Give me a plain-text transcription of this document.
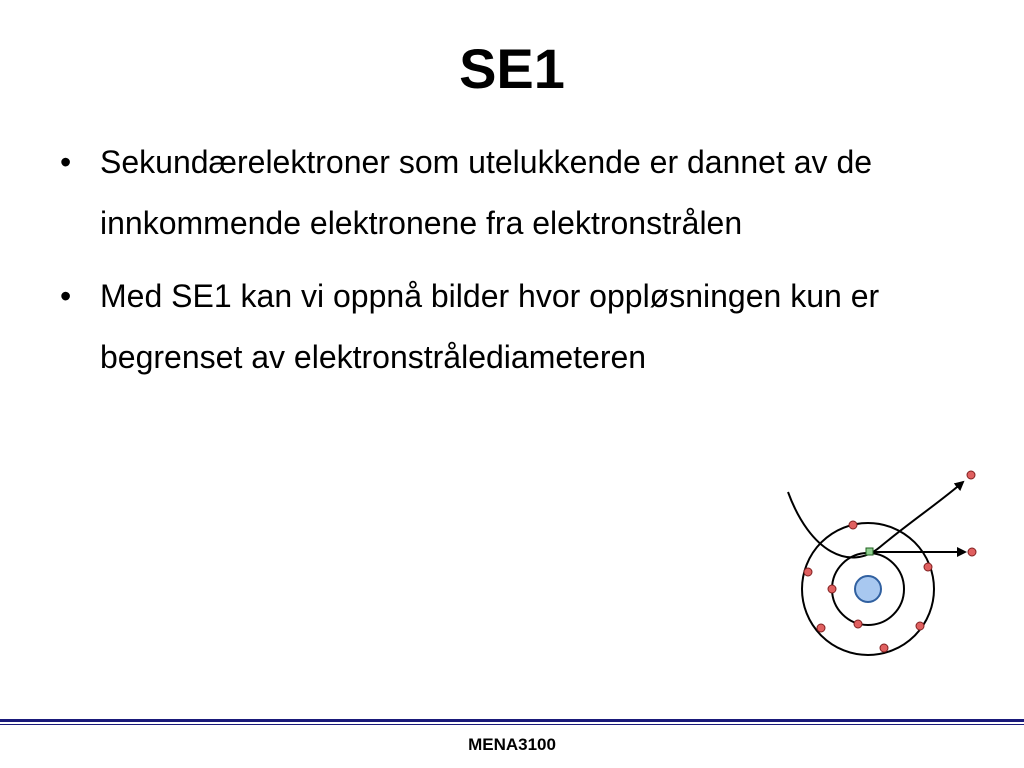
SE1
• Sekundærelektroner som utelukkende er dannet av de innkommende elektronene fra elektronstrålen
• Med SE1 kan vi oppnå bilder hvor oppløsningen kun er begrenset av elektronstrålediameteren
MENA3100
